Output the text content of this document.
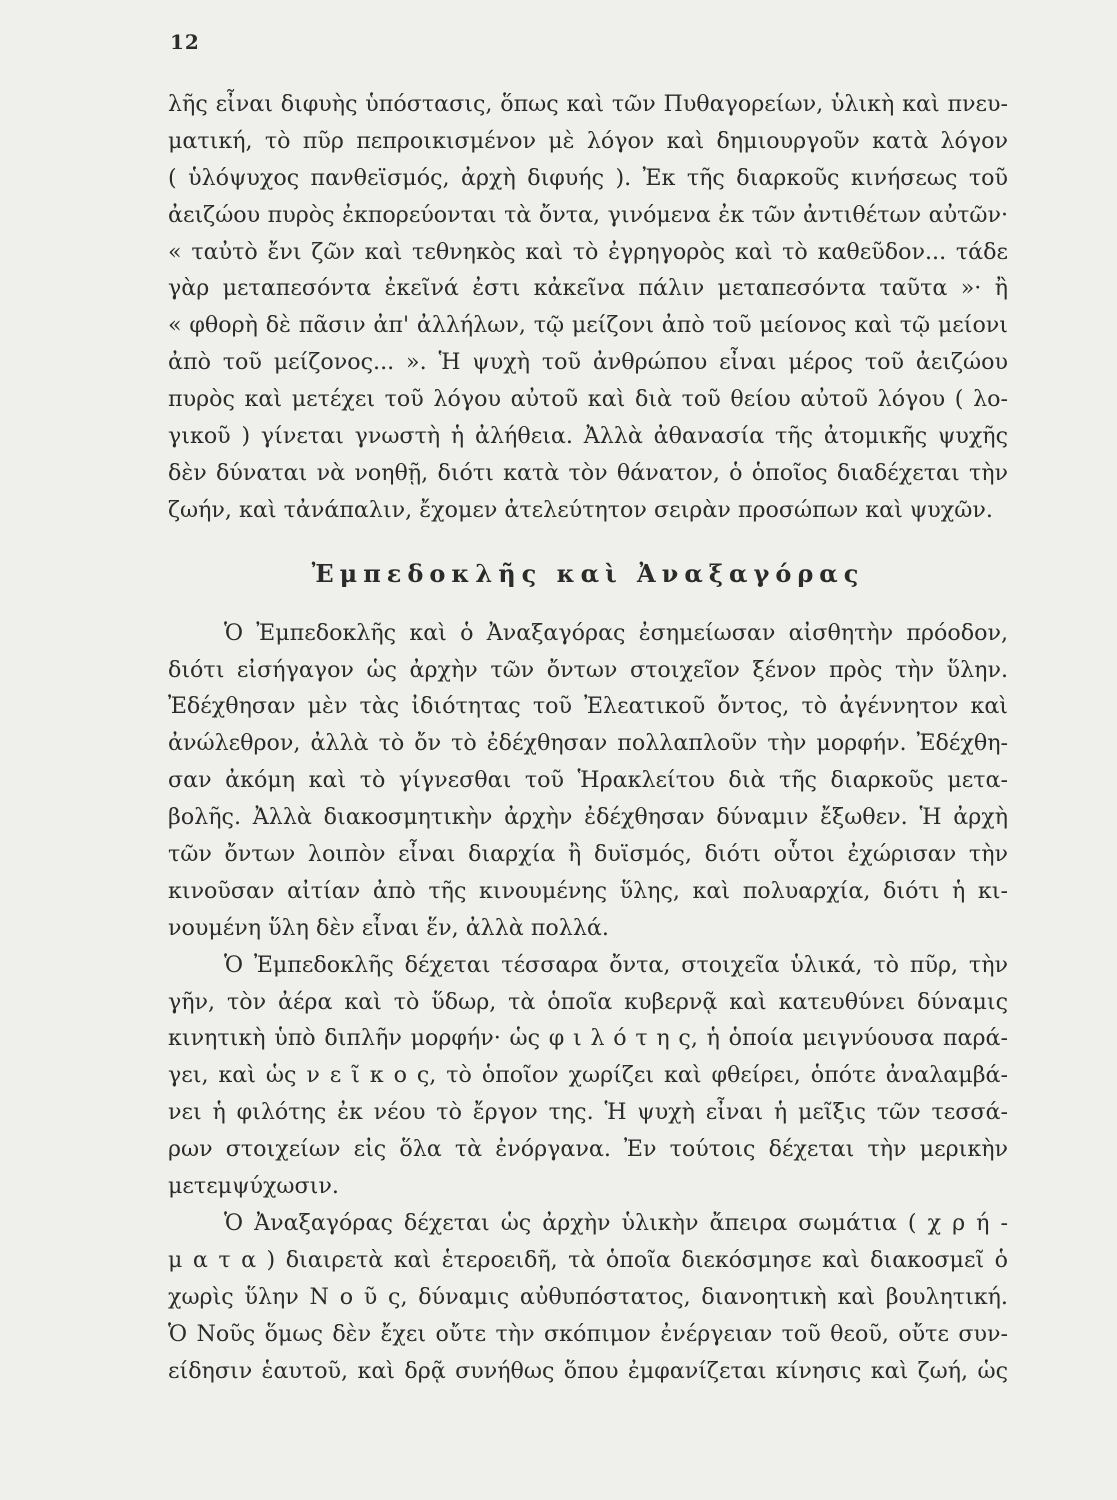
12
λῆς εἶναι διφυὴς ὑπόστασις, ὅπως καὶ τῶν Πυθαγορείων, ὑλικὴ καὶ πνευ-
ματική, τὸ πῦρ πεπροικισμένον μὲ λόγον καὶ δημιουργοῦν κατὰ λόγον
( ὑλόψυχος πανθεϊσμός, ἀρχὴ διφυής ). Ἐκ τῆς διαρκοῦς κινήσεως τοῦ
ἀειζώου πυρὸς ἐκπορεύονται τὰ ὄντα, γινόμενα ἐκ τῶν ἀντιθέτων αὐτῶν·
« ταὐτὸ ἔνι ζῶν καὶ τεθνηκὸς καὶ τὸ ἐγρηγορὸς καὶ τὸ καθεῦδον... τάδε
γὰρ μεταπεσόντα ἐκεῖνά ἐστι κἀκεῖνα πάλιν μεταπεσόντα ταῦτα »· ἢ
« φθορὴ δὲ πᾶσιν ἀπ' ἀλλήλων, τῷ μείζονι ἀπὸ τοῦ μείονος καὶ τῷ μείονι
ἀπὸ τοῦ μείζονος... ». Ἡ ψυχὴ τοῦ ἀνθρώπου εἶναι μέρος τοῦ ἀειζώου
πυρὸς καὶ μετέχει τοῦ λόγου αὐτοῦ καὶ διὰ τοῦ θείου αὐτοῦ λόγου ( λο-
γικοῦ ) γίνεται γνωστὴ ἡ ἀλήθεια. Ἀλλὰ ἀθανασία τῆς ἀτομικῆς ψυχῆς
δὲν δύναται νὰ νοηθῇ, διότι κατὰ τὸν θάνατον, ὁ ὁποῖος διαδέχεται τὴν
ζωήν, καὶ τἀνάπαλιν, ἔχομεν ἀτελεύτητον σειρὰν προσώπων καὶ ψυχῶν.
Ἐμπεδοκλῆς καὶ Ἀναξαγόρας
Ὁ Ἐμπεδοκλῆς καὶ ὁ Ἀναξαγόρας ἐσημείωσαν αἰσθητὴν πρόοδον,
διότι εἰσήγαγον ὡς ἀρχὴν τῶν ὄντων στοιχεῖον ξένον πρὸς τὴν ὕλην.
Ἐδέχθησαν μὲν τὰς ἰδιότητας τοῦ Ἐλεατικοῦ ὄντος, τὸ ἀγέννητον καὶ
ἀνώλεθρον, ἀλλὰ τὸ ὄν τὸ ἐδέχθησαν πολλαπλοῦν τὴν μορφήν. Ἐδέχθη-
σαν ἀκόμη καὶ τὸ γίγνεσθαι τοῦ Ἡρακλείτου διὰ τῆς διαρκοῦς μετα-
βολῆς. Ἀλλὰ διακοσμητικὴν ἀρχὴν ἐδέχθησαν δύναμιν ἔξωθεν. Ἡ ἀρχὴ
τῶν ὄντων λοιπὸν εἶναι διαρχία ἢ δυϊσμός, διότι οὗτοι ἐχώρισαν τὴν
κινοῦσαν αἰτίαν ἀπὸ τῆς κινουμένης ὕλης, καὶ πολυαρχία, διότι ἡ κι-
νουμένη ὕλη δὲν εἶναι ἕν, ἀλλὰ πολλά.
Ὁ Ἐμπεδοκλῆς δέχεται τέσσαρα ὄντα, στοιχεῖα ὑλικά, τὸ πῦρ, τὴν
γῆν, τὸν ἀέρα καὶ τὸ ὕδωρ, τὰ ὁποῖα κυβερνᾷ καὶ κατευθύνει δύναμις
κινητικὴ ὑπὸ διπλῆν μορφήν· ὡς φ ι λ ό τ η ς, ἡ ὁποία μειγνύουσα παρά-
γει, καὶ ὡς ν ε ῖ κ ο ς, τὸ ὁποῖον χωρίζει καὶ φθείρει, ὁπότε ἀναλαμβά-
νει ἡ φιλότης ἐκ νέου τὸ ἔργον της. Ἡ ψυχὴ εἶναι ἡ μεῖξις τῶν τεσσά-
ρων στοιχείων εἰς ὅλα τὰ ἐνόργανα. Ἐν τούτοις δέχεται τὴν μερικὴν
μετεμψύχωσιν.
Ὁ Ἀναξαγόρας δέχεται ὡς ἀρχὴν ὑλικὴν ἄπειρα σωμάτια ( χ ρ ή -
μ α τ α ) διαιρετὰ καὶ ἑτεροειδῆ, τὰ ὁποῖα διεκόσμησε καὶ διακοσμεῖ ὁ
χωρὶς ὕλην Ν ο ῦ ς, δύναμις αὐθυπόστατος, διανοητικὴ καὶ βουλητική.
Ὁ Νοῦς ὅμως δὲν ἔχει οὔτε τὴν σκόπιμον ἐνέργειαν τοῦ θεοῦ, οὔτε συν-
είδησιν ἑαυτοῦ, καὶ δρᾷ συνήθως ὅπου ἐμφανίζεται κίνησις καὶ ζωή, ὡς
